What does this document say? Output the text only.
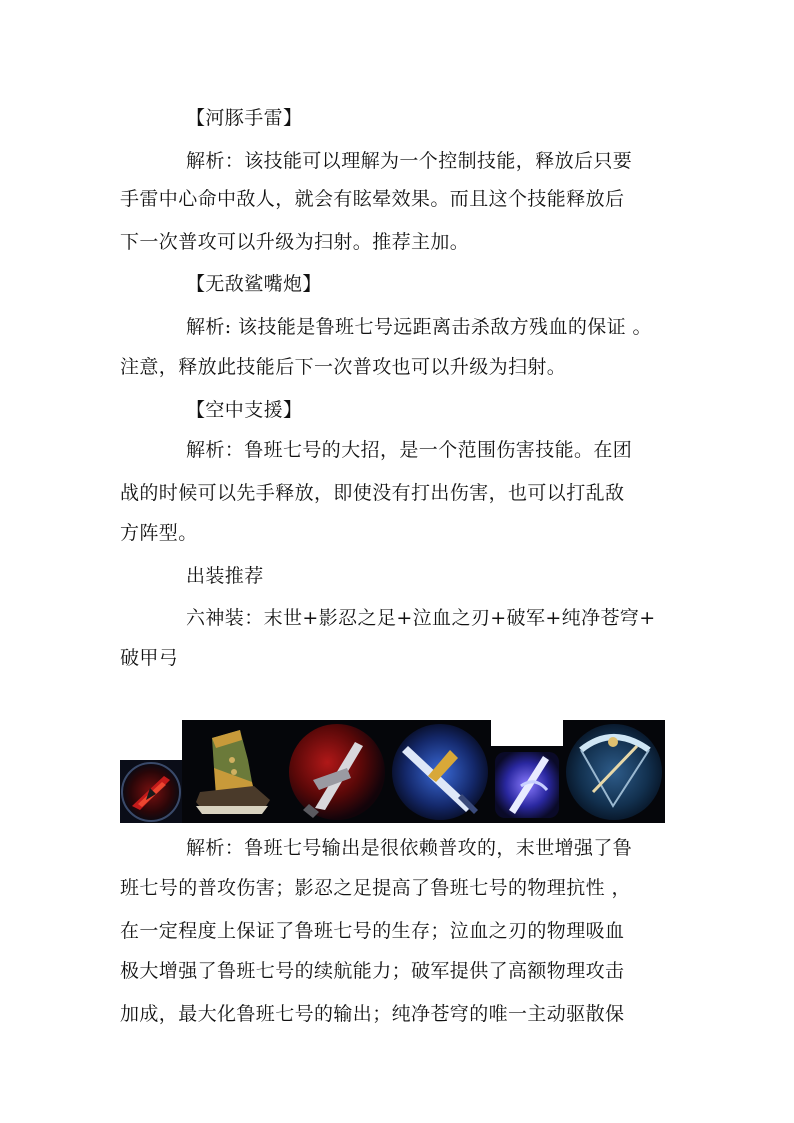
【河豚手雷】
解析：该技能可以理解为一个控制技能，释放后只要
手雷中心命中敌人，就会有眩晕效果。而且这个技能释放后
下一次普攻可以升级为扫射。推荐主加。
【无敌鲨嘴炮】
解析: 该技能是鲁班七号远距离击杀敌方残血的保证 。
注意，释放此技能后下一次普攻也可以升级为扫射。
【空中支援】
解析：鲁班七号的大招，是一个范围伤害技能。在团
战的时候可以先手释放，即使没有打出伤害，也可以打乱敌
方阵型。
出装推荐
六神装：末世+影忍之足+泣血之刃+破军+纯净苍穹+
破甲弓
解析：鲁班七号输出是很依赖普攻的，末世增强了鲁
班七号的普攻伤害；影忍之足提高了鲁班七号的物理抗性 ，
在一定程度上保证了鲁班七号的生存；泣血之刃的物理吸血
极大增强了鲁班七号的续航能力；破军提供了高额物理攻击
加成，最大化鲁班七号的输出；纯净苍穹的唯一主动驱散保
